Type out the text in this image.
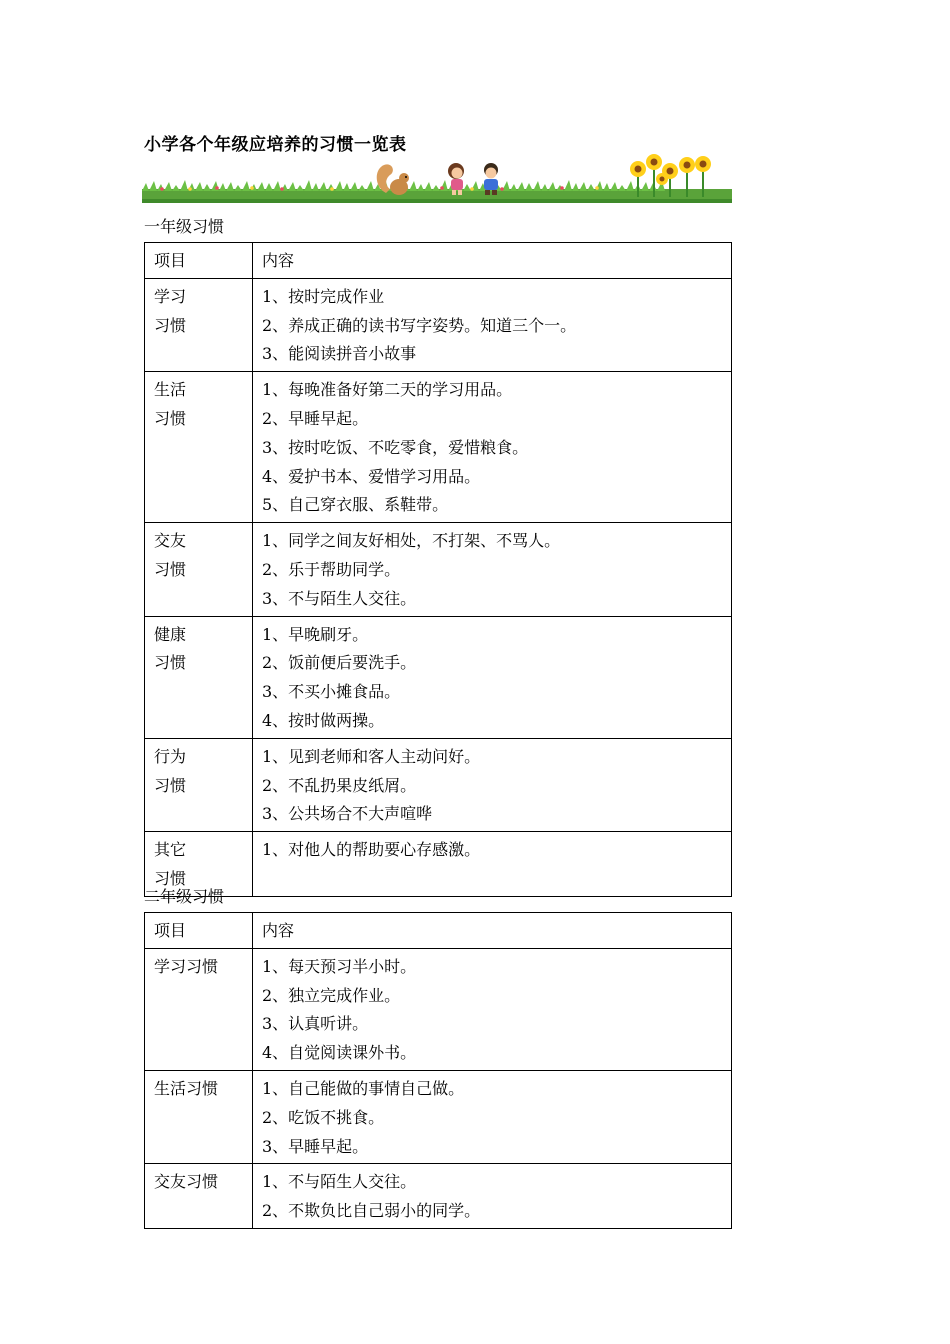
小学各个年级应培养的习惯一览表
一年级习惯
项目	内容

学习
习惯	1、按时完成作业
2、养成正确的读书写字姿势。知道三个一。
3、能阅读拼音小故事

生活
习惯	1、每晚准备好第二天的学习用品。
2、早睡早起。
3、按时吃饭、不吃零食，爱惜粮食。
4、爱护书本、爱惜学习用品。
5、自己穿衣服、系鞋带。

交友
习惯	1、同学之间友好相处，不打架、不骂人。
2、乐于帮助同学。
3、不与陌生人交往。

健康
习惯	1、早晚刷牙。
2、饭前便后要洗手。
3、不买小摊食品。
4、按时做两操。

行为
习惯	1、见到老师和客人主动问好。
2、不乱扔果皮纸屑。
3、公共场合不大声喧哗

其它
习惯	1、对他人的帮助要心存感激。
二年级习惯
项目	内容

学习习惯	1、每天预习半小时。
2、独立完成作业。
3、认真听讲。
4、自觉阅读课外书。

生活习惯	1、自己能做的事情自己做。
2、吃饭不挑食。
3、早睡早起。

交友习惯	1、不与陌生人交往。
2、不欺负比自己弱小的同学。
